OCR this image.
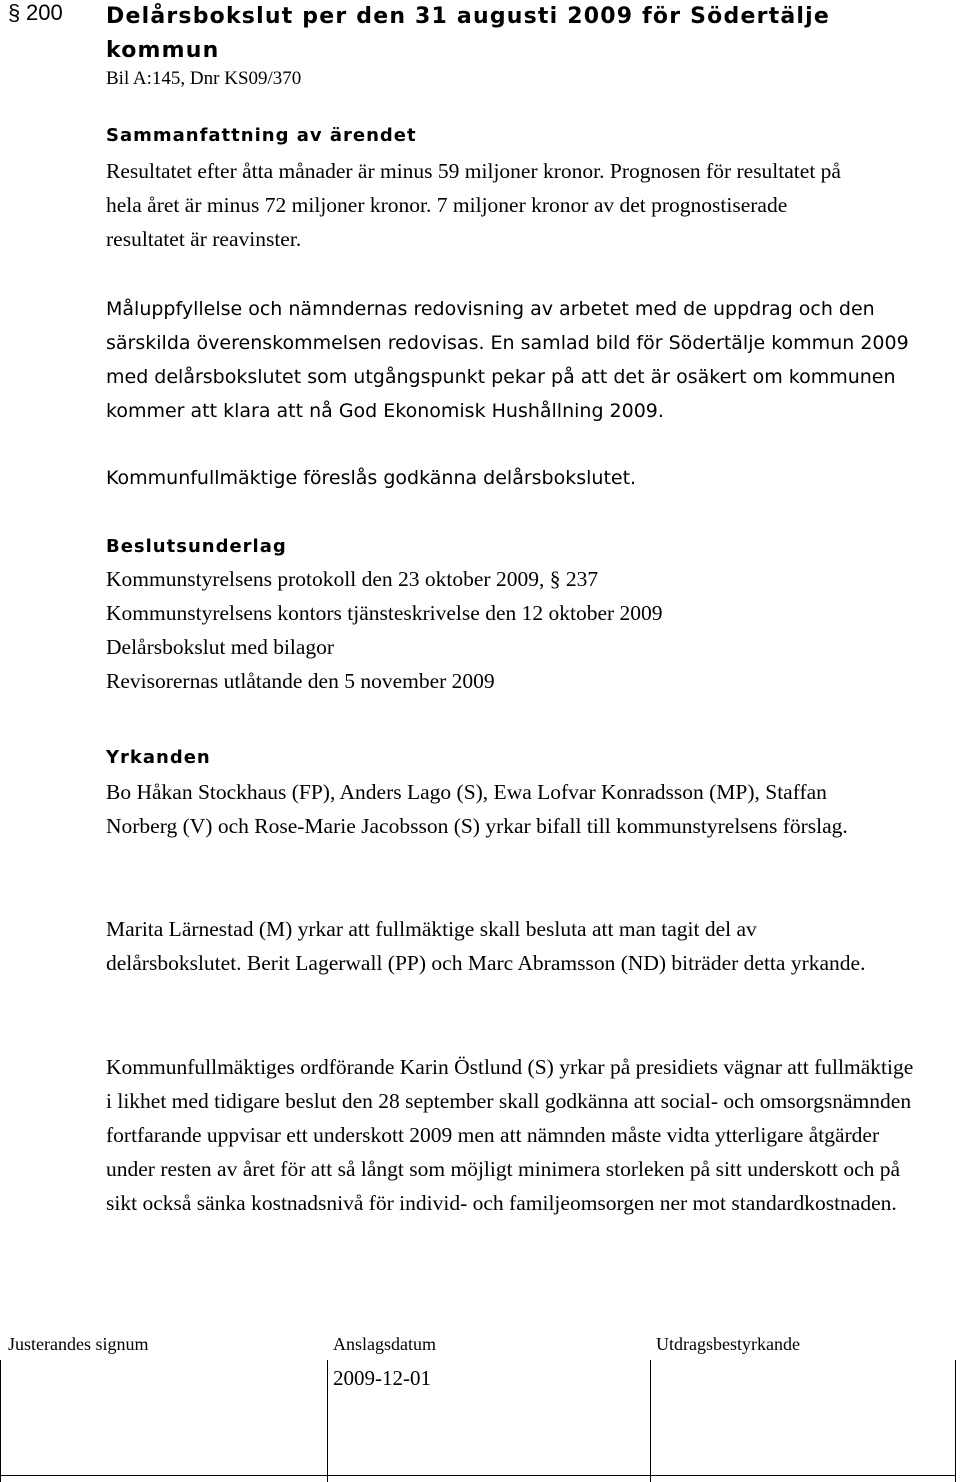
§ 200 Delårsbokslut per den 31 augusti 2009 för Södertälje kommun
Bil A:145, Dnr KS09/370
Sammanfattning av ärendet
Resultatet efter åtta månader är minus 59 miljoner kronor. Prognosen för resultatet på hela året är minus 72 miljoner kronor. 7 miljoner kronor av det prognostiserade resultatet är reavinster.
Måluppfyllelse och nämndernas redovisning av arbetet med de uppdrag och den särskilda överenskommelsen redovisas. En samlad bild för Södertälje kommun 2009 med delårsbokslutet som utgångspunkt pekar på att det är osäkert om kommunen kommer att klara att nå God Ekonomisk Hushållning 2009.
Kommunfullmäktige föreslås godkänna delårsbokslutet.
Beslutsunderlag
Kommunstyrelsens protokoll den 23 oktober 2009, § 237
Kommunstyrelsens kontors tjänsteskrivelse den 12 oktober 2009
Delårsbokslut med bilagor
Revisorernas utlåtande den 5 november 2009
Yrkanden
Bo Håkan Stockhaus (FP), Anders Lago (S), Ewa Lofvar Konradsson (MP), Staffan Norberg (V) och Rose-Marie Jacobsson (S) yrkar bifall till kommunstyrelsens förslag.
Marita Lärnestad (M) yrkar att fullmäktige skall besluta att man tagit del av delårsbokslutet. Berit Lagerwall (PP) och Marc Abramsson (ND) biträder detta yrkande.
Kommunfullmäktiges ordförande Karin Östlund (S) yrkar på presidiets vägnar att fullmäktige i likhet med tidigare beslut den 28 september skall godkänna att social- och omsorgsnämnden fortfarande uppvisar ett underskott 2009 men att nämnden måste vidta ytterligare åtgärder under resten av året för att så långt som möjligt minimera storleken på sitt underskott och på sikt också sänka kostnadsnivå för individ- och familjeomsorgen ner mot standardkostnaden.
Justerandes signum	Anslagsdatum	Utdragsbestyrkande
2009-12-01
